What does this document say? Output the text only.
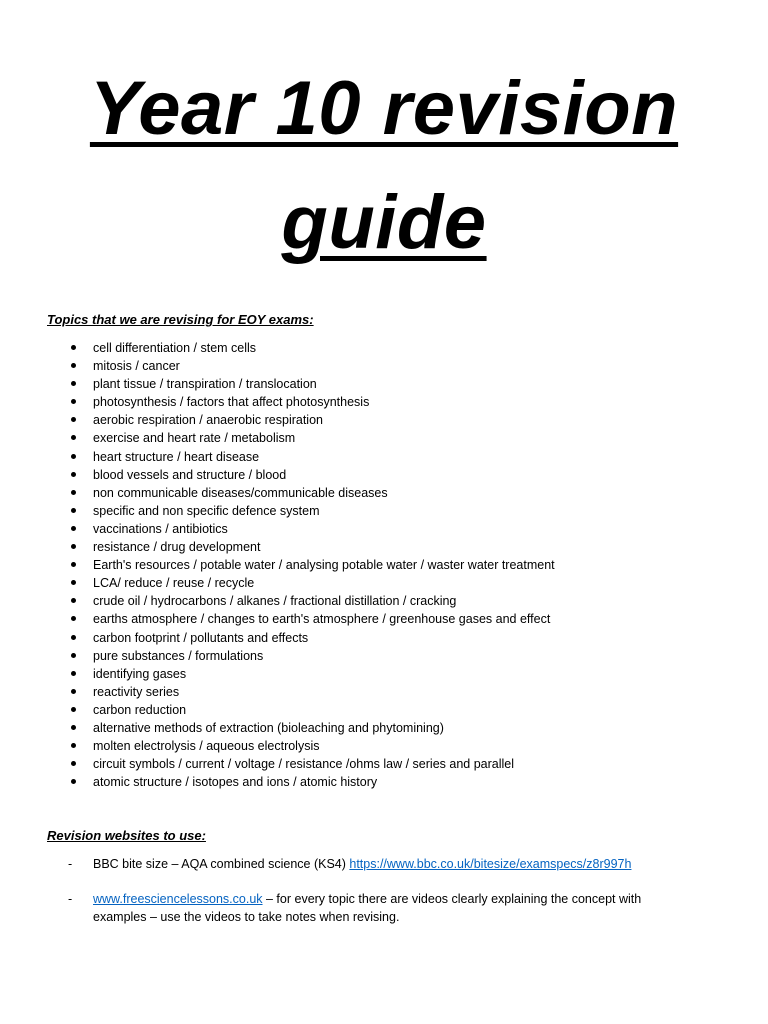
Year 10 revision
guide
Topics that we are revising for EOY exams:
cell differentiation / stem cells
mitosis / cancer
plant tissue / transpiration / translocation
photosynthesis / factors that affect photosynthesis
aerobic respiration / anaerobic respiration
exercise and heart rate / metabolism
heart structure / heart disease
blood vessels and structure / blood
non communicable diseases/communicable diseases
specific and non specific defence system
vaccinations / antibiotics
resistance / drug development
Earth's resources / potable water / analysing potable water / waster water treatment
LCA/ reduce / reuse / recycle
crude oil / hydrocarbons / alkanes / fractional distillation / cracking
earths atmosphere / changes to earth's atmosphere / greenhouse gases and effect
carbon footprint / pollutants and effects
pure substances / formulations
identifying gases
reactivity series
carbon reduction
alternative methods of extraction (bioleaching and phytomining)
molten electrolysis / aqueous electrolysis
circuit symbols / current / voltage / resistance /ohms law / series and parallel
atomic structure / isotopes and ions / atomic history
Revision websites to use:
- BBC bite size – AQA combined science (KS4) https://www.bbc.co.uk/bitesize/examspecs/z8r997h
- www.freesciencelessons.co.uk – for every topic there are videos clearly explaining the concept with examples – use the videos to take notes when revising.
